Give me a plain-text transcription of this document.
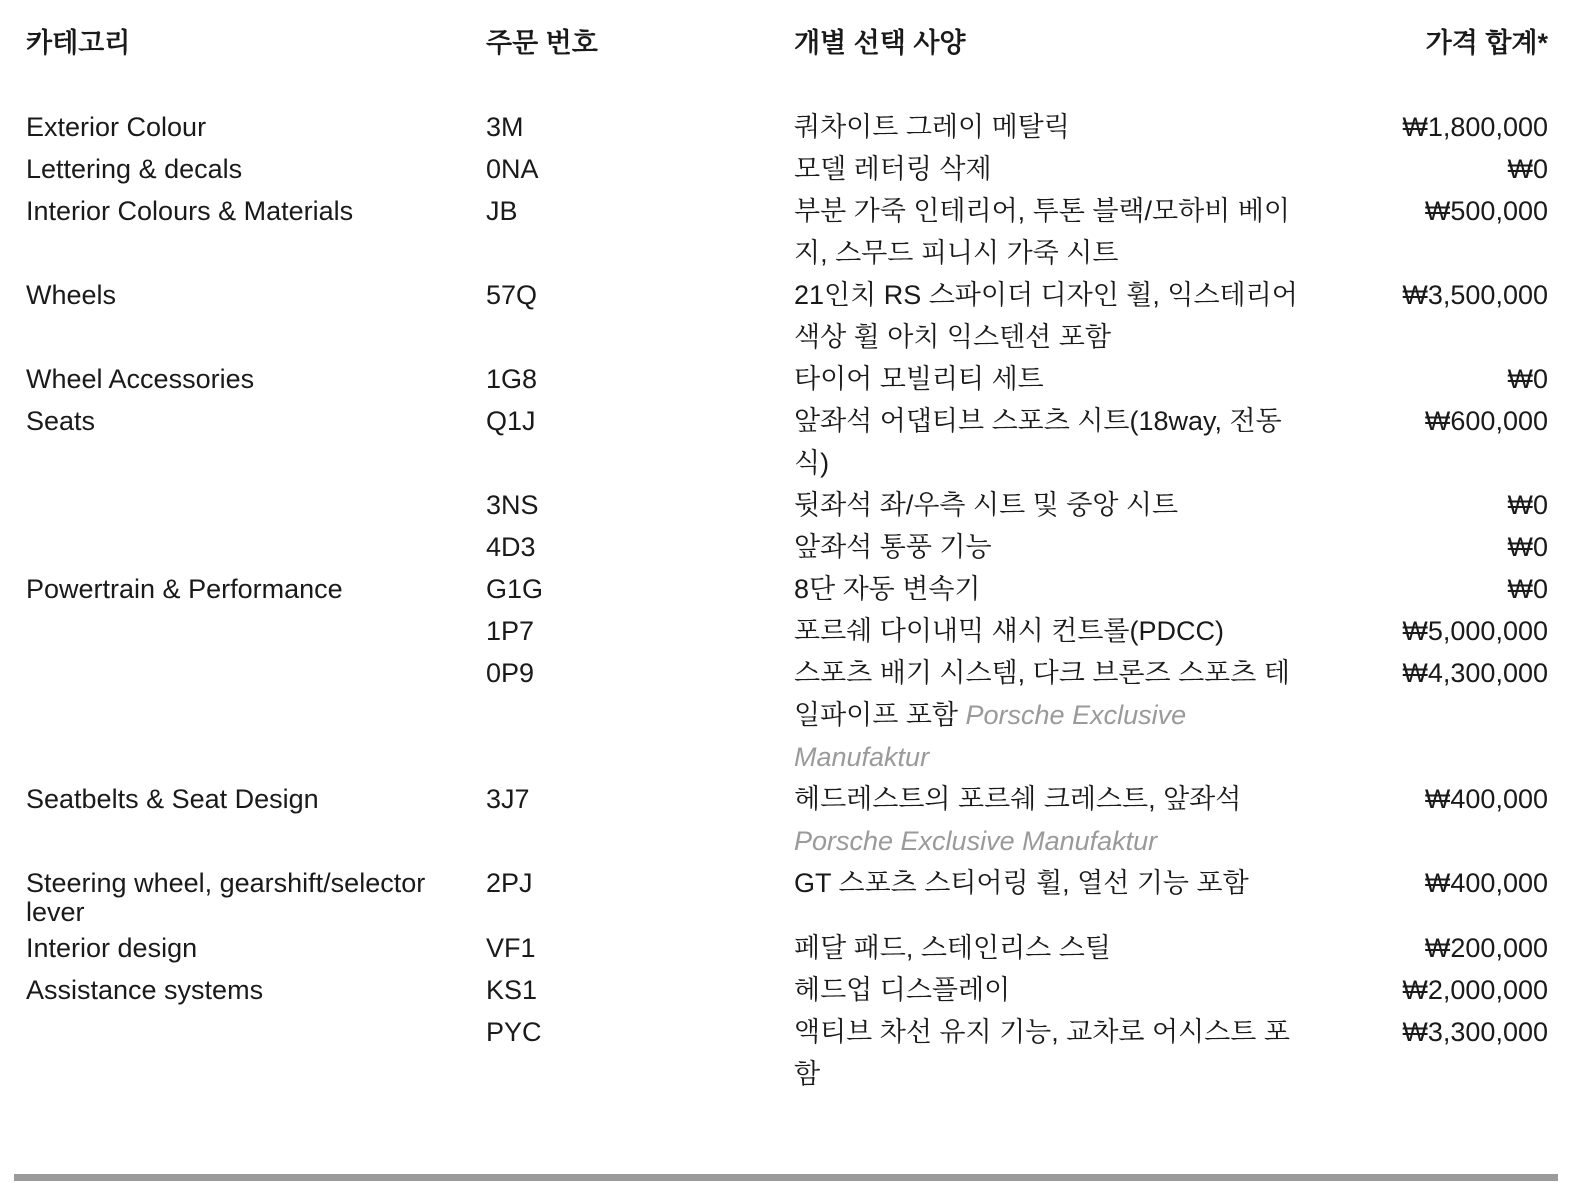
카테고리	주문 번호	개별 선택 사양	가격 합계*
Exterior Colour	3M	쿼차이트 그레이 메탈릭	₩1,800,000
Lettering & decals	0NA	모델 레터링 삭제	₩0
Interior Colours & Materials	JB	부분 가죽 인테리어, 투톤 블랙/모하비 베이지, 스무드 피니시 가죽 시트	₩500,000
Wheels	57Q	21인치 RS 스파이더 디자인 휠, 익스테리어 색상 휠 아치 익스텐션 포함	₩3,500,000
Wheel Accessories	1G8	타이어 모빌리티 세트	₩0
Seats	Q1J	앞좌석 어댑티브 스포츠 시트(18way, 전동식)	₩600,000
	3NS	뒷좌석 좌/우측 시트 및 중앙 시트	₩0
	4D3	앞좌석 통풍 기능	₩0
Powertrain & Performance	G1G	8단 자동 변속기	₩0
	1P7	포르쉐 다이내믹 섀시 컨트롤(PDCC)	₩5,000,000
	0P9	스포츠 배기 시스템, 다크 브론즈 스포츠 테일파이프 포함 Porsche Exclusive Manufaktur	₩4,300,000
Seatbelts & Seat Design	3J7	헤드레스트의 포르쉐 크레스트, 앞좌석 Porsche Exclusive Manufaktur	₩400,000
Steering wheel, gearshift/selector lever	2PJ	GT 스포츠 스티어링 휠, 열선 기능 포함	₩400,000
Interior design	VF1	페달 패드, 스테인리스 스틸	₩200,000
Assistance systems	KS1	헤드업 디스플레이	₩2,000,000
	PYC	액티브 차선 유지 기능, 교차로 어시스트 포함	₩3,300,000
